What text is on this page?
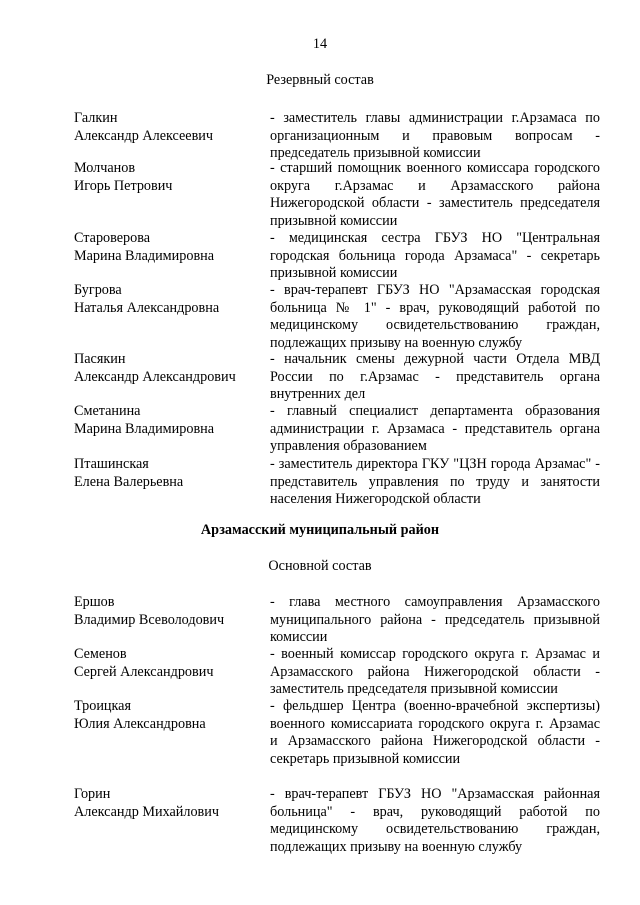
14
Резервный состав
Галкин
Александр Алексеевич
- заместитель главы администрации г.Арзамаса по организационным и правовым вопросам - председатель призывной комиссии
Молчанов
Игорь Петрович
- старший помощник военного комиссара городского округа г.Арзамас и Арзамасского района Нижегородской области - заместитель председателя призывной комиссии
Староверова
Марина Владимировна
- медицинская сестра ГБУЗ НО "Центральная городская больница города Арзамаса" - секретарь призывной комиссии
Бугрова
Наталья Александровна
- врач-терапевт ГБУЗ НО "Арзамасская городская больница № 1" - врач, руководящий работой по медицинскому освидетельствованию граждан, подлежащих призыву на военную службу
Пасякин
Александр Александрович
- начальник смены дежурной части Отдела МВД России по г.Арзамас - представитель органа внутренних дел
Сметанина
Марина Владимировна
- главный специалист департамента образования администрации г. Арзамаса - представитель органа управления образованием
Пташинская
Елена Валерьевна
- заместитель директора ГКУ "ЦЗН города Арзамас" - представитель управления по труду и занятости населения Нижегородской области
Арзамасский муниципальный район
Основной состав
Ершов
Владимир Всеволодович
- глава местного самоуправления Арзамасского муниципального района - председатель призывной комиссии
Семенов
Сергей Александрович
- военный комиссар городского округа г. Арзамас и Арзамасского района Нижегородской области - заместитель председателя призывной комиссии
Троицкая
Юлия Александровна
- фельдшер Центра (военно-врачебной экспертизы) военного комиссариата городского округа г. Арзамас и Арзамасского района Нижегородской области - секретарь призывной комиссии
Горин
Александр Михайлович
- врач-терапевт ГБУЗ НО "Арзамасская районная больница" - врач, руководящий работой по медицинскому освидетельствованию граждан, подлежащих призыву на военную службу
